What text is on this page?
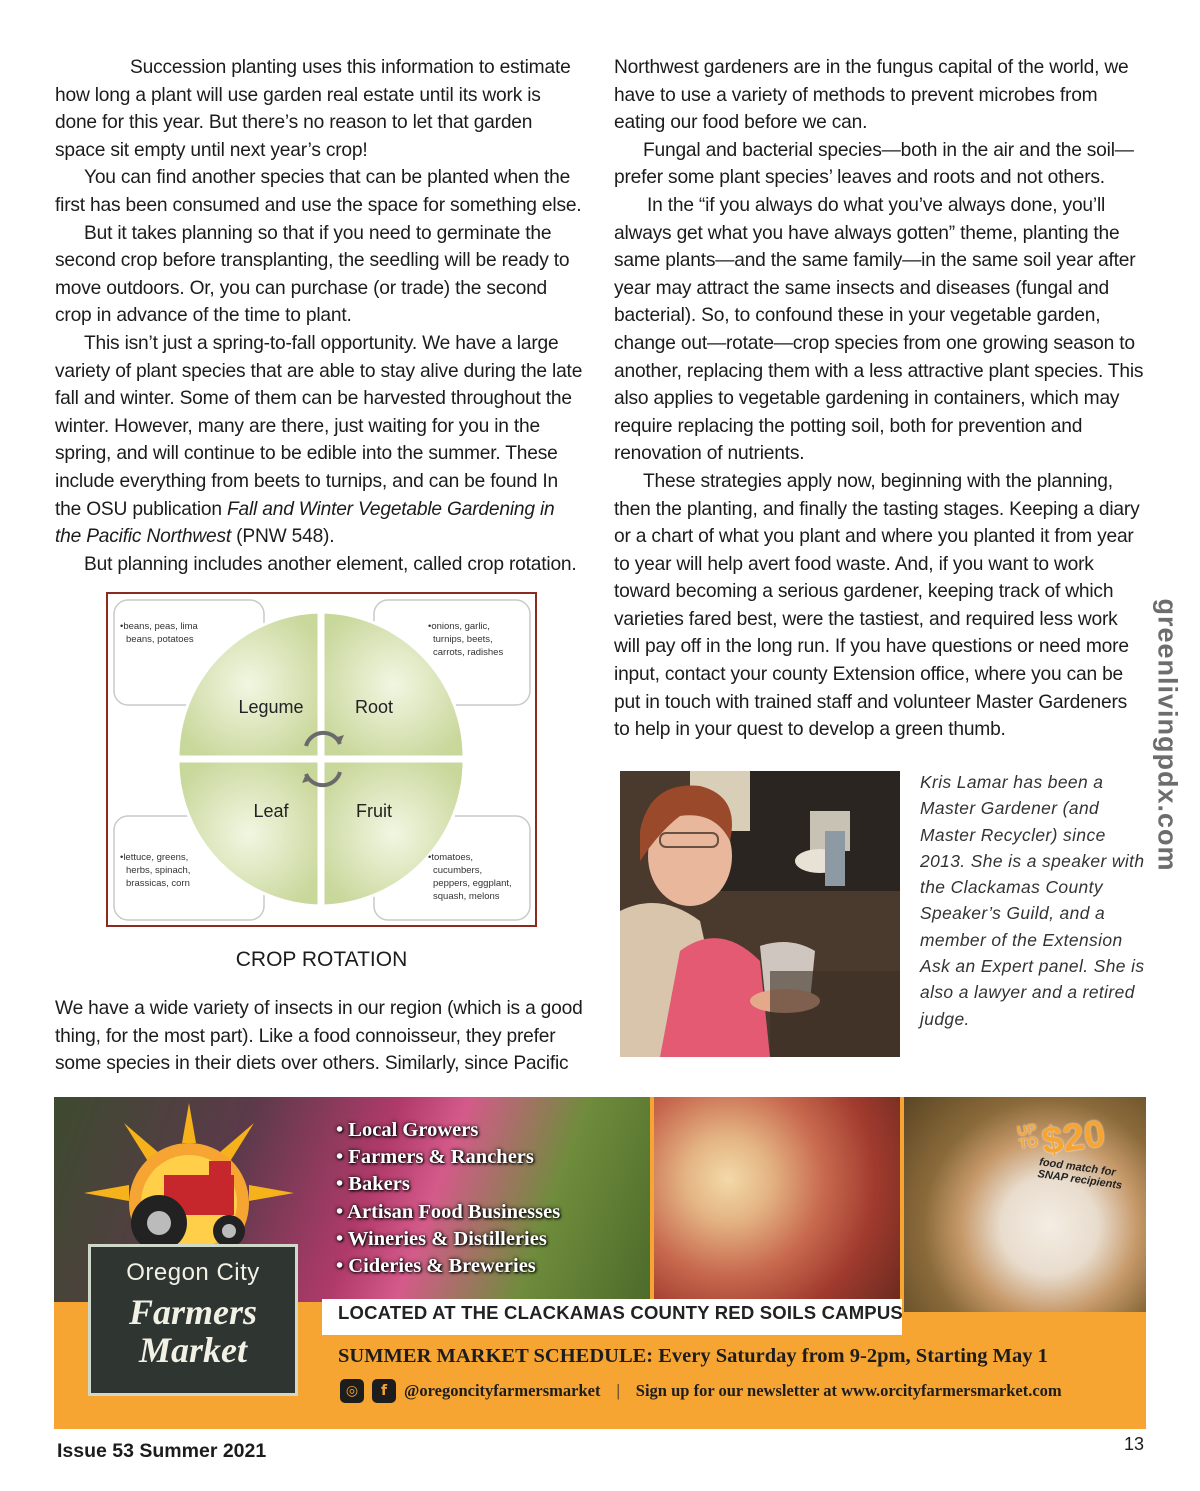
Succession planting uses this information to estimate how long a plant will use garden real estate until its work is done for this year. But there’s no reason to let that garden space sit empty until next year’s crop!

You can find another species that can be planted when the first has been consumed and use the space for something else.

But it takes planning so that if you need to germinate the second crop before transplanting, the seedling will be ready to move outdoors. Or, you can purchase (or trade) the second crop in advance of the time to plant.

This isn’t just a spring-to-fall opportunity. We have a large variety of plant species that are able to stay alive during the late fall and winter. Some of them can be harvested throughout the winter. However, many are there, just waiting for you in the spring, and will continue to be edible into the summer. These include everything from beets to turnips, and can be found In the OSU publication Fall and Winter Vegetable Gardening in the Pacific Northwest (PNW 548).

But planning includes another element, called crop rotation.

Legume	Root
Leaf	Fruit
•beans, peas, lima
beans, potatoes
•onions, garlic,
turnips, beets,
carrots, radishes
•lettuce, greens,
herbs, spinach,
brassicas, corn
•tomatoes,
cucumbers,
peppers, eggplant,
squash, melons
CROP ROTATION

We have a wide variety of insects in our region (which is a good thing, for the most part). Like a food connoisseur, they prefer some species in their diets over others. Similarly, since Pacific

Northwest gardeners are in the fungus capital of the world, we have to use a variety of methods to prevent microbes from eating our food before we can.

Fungal and bacterial species—both in the air and the soil—prefer some plant species’ leaves and roots and not others.

In the “if you always do what you’ve always done, you’ll always get what you have always gotten” theme, planting the same plants—and the same family—in the same soil year after year may attract the same insects and diseases (fungal and bacterial). So, to confound these in your vegetable garden, change out—rotate—crop species from one growing season to another, replacing them with a less attractive plant species. This also applies to vegetable gardening in containers, which may require replacing the potting soil, both for prevention and renovation of nutrients.

These strategies apply now, beginning with the planning, then the planting, and finally the tasting stages. Keeping a diary or a chart of what you plant and where you planted it from year to year will help avert food waste. And, if you want to work toward becoming a serious gardener, keeping track of which varieties fared best, were the tastiest, and required less work will pay off in the long run. If you have questions or need more input, contact your county Extension office, where you can be put in touch with trained staff and volunteer Master Gardeners to help in your quest to develop a green thumb.

Kris Lamar has been a Master Gardener (and Master Recycler) since 2013. She is a speaker with the Clackamas County Speaker’s Guild, and a member of the Extension Ask an Expert panel. She is also a lawyer and a retired judge.
greenlivingpdx.com
• Local Growers
• Farmers & Ranchers
• Bakers
• Artisan Food Businesses
• Wineries & Distilleries
• Cideries & Breweries
UP TO $20
food match for SNAP recipients
LOCATED AT THE CLACKAMAS COUNTY RED SOILS CAMPUS
Oregon City
Farmers
Market	SUMMER MARKET SCHEDULE: Every Saturday from 9-2pm, Starting May 1
◎	f	@oregoncityfarmersmarket | Sign up for our newsletter at www.orcityfarmersmarket.com
Issue 53 Summer 2021	13
